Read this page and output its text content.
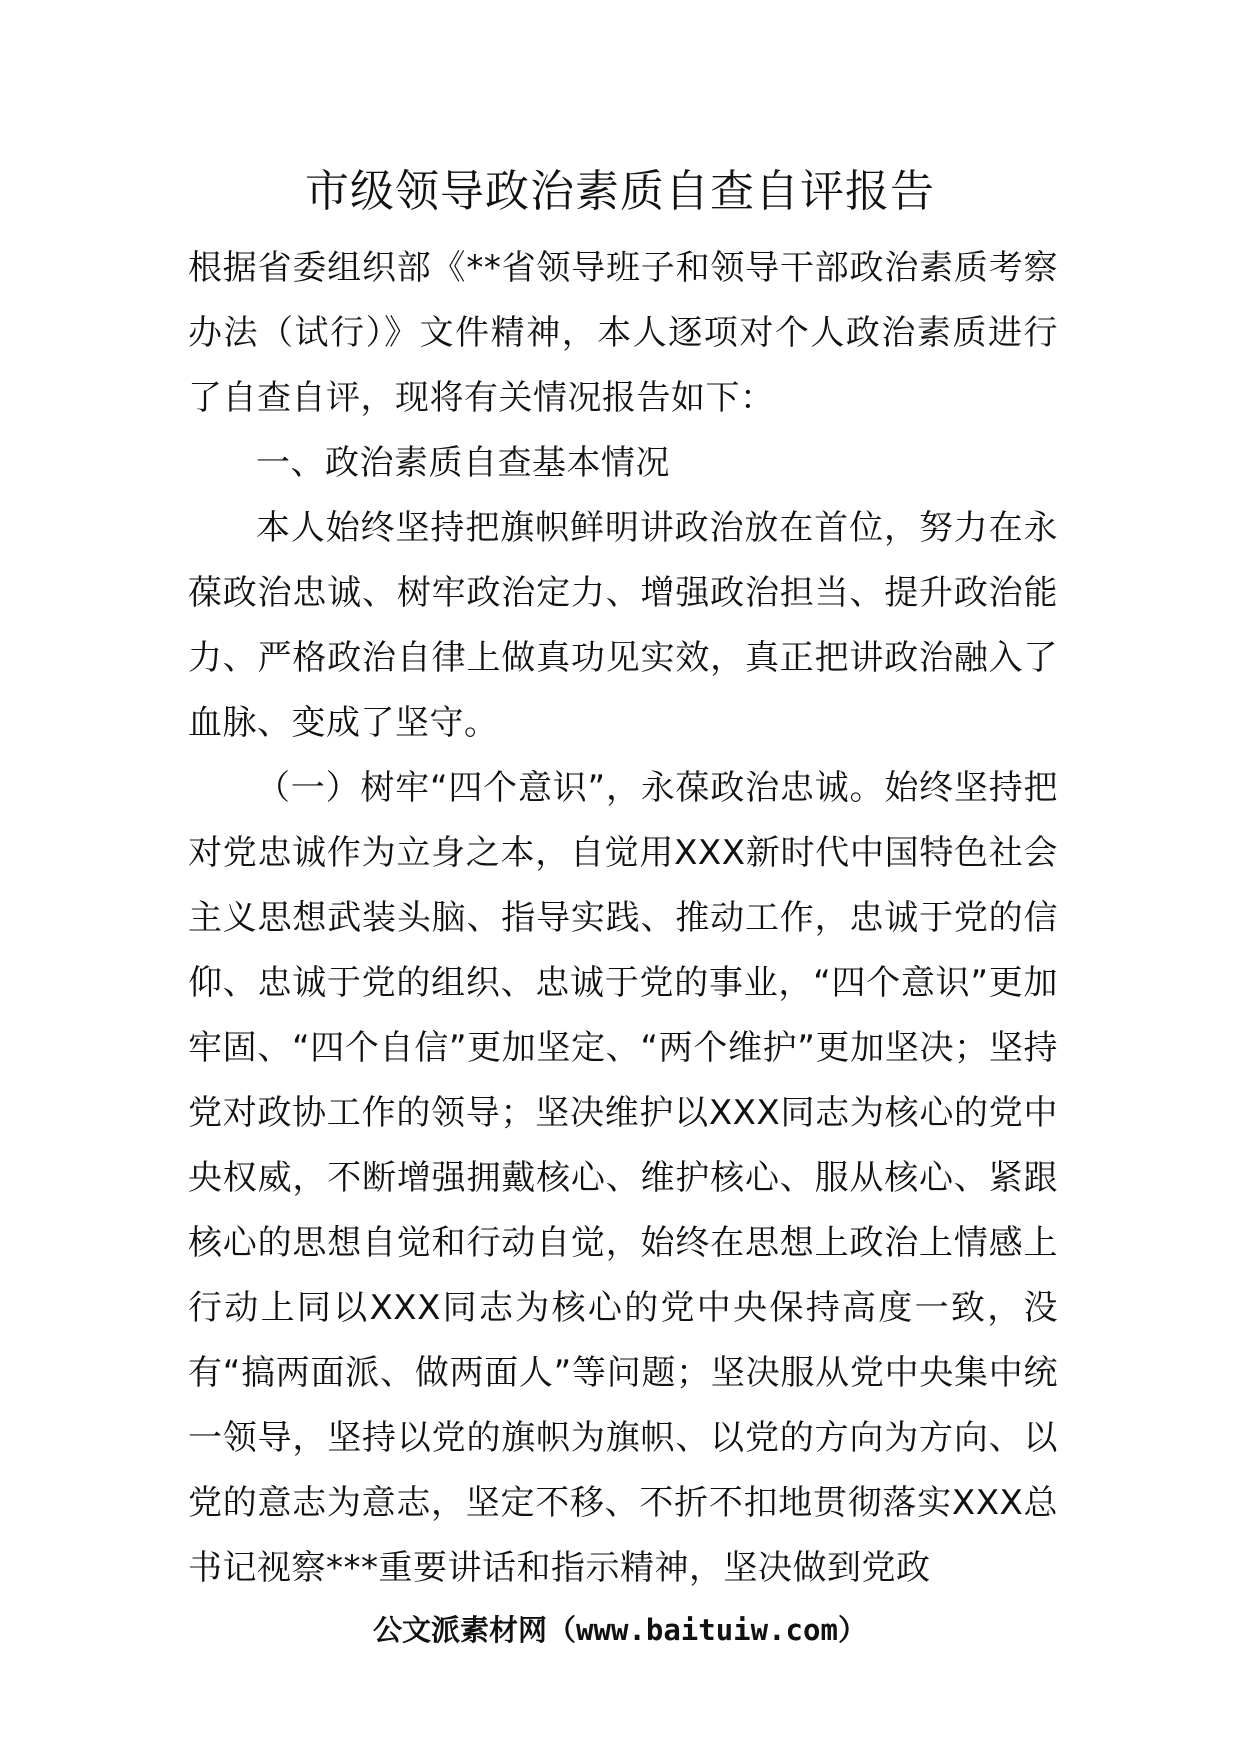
市级领导政治素质自查自评报告

根据省委组织部《**省领导班子和领导干部政治素质考察办法（试行）》文件精神，本人逐项对个人政治素质进行了自查自评，现将有关情况报告如下：

一、政治素质自查基本情况

本人始终坚持把旗帜鲜明讲政治放在首位，努力在永葆政治忠诚、树牢政治定力、增强政治担当、提升政治能力、严格政治自律上做真功见实效，真正把讲政治融入了血脉、变成了坚守。

（一）树牢“四个意识”，永葆政治忠诚。始终坚持把对党忠诚作为立身之本，自觉用XXX新时代中国特色社会主义思想武装头脑、指导实践、推动工作，忠诚于党的信仰、忠诚于党的组织、忠诚于党的事业，“四个意识”更加牢固、“四个自信”更加坚定、“两个维护”更加坚决；坚持党对政协工作的领导；坚决维护以XXX同志为核心的党中央权威，不断增强拥戴核心、维护核心、服从核心、紧跟核心的思想自觉和行动自觉，始终在思想上政治上情感上行动上同以XXX同志为核心的党中央保持高度一致，没有“搞两面派、做两面人”等问题；坚决服从党中央集中统一领导，坚持以党的旗帜为旗帜、以党的方向为方向、以党的意志为意志，坚定不移、不折不扣地贯彻落实XXX总书记视察***重要讲话和指示精神，坚决做到党政

公文派素材网（www.baituiw.com）
